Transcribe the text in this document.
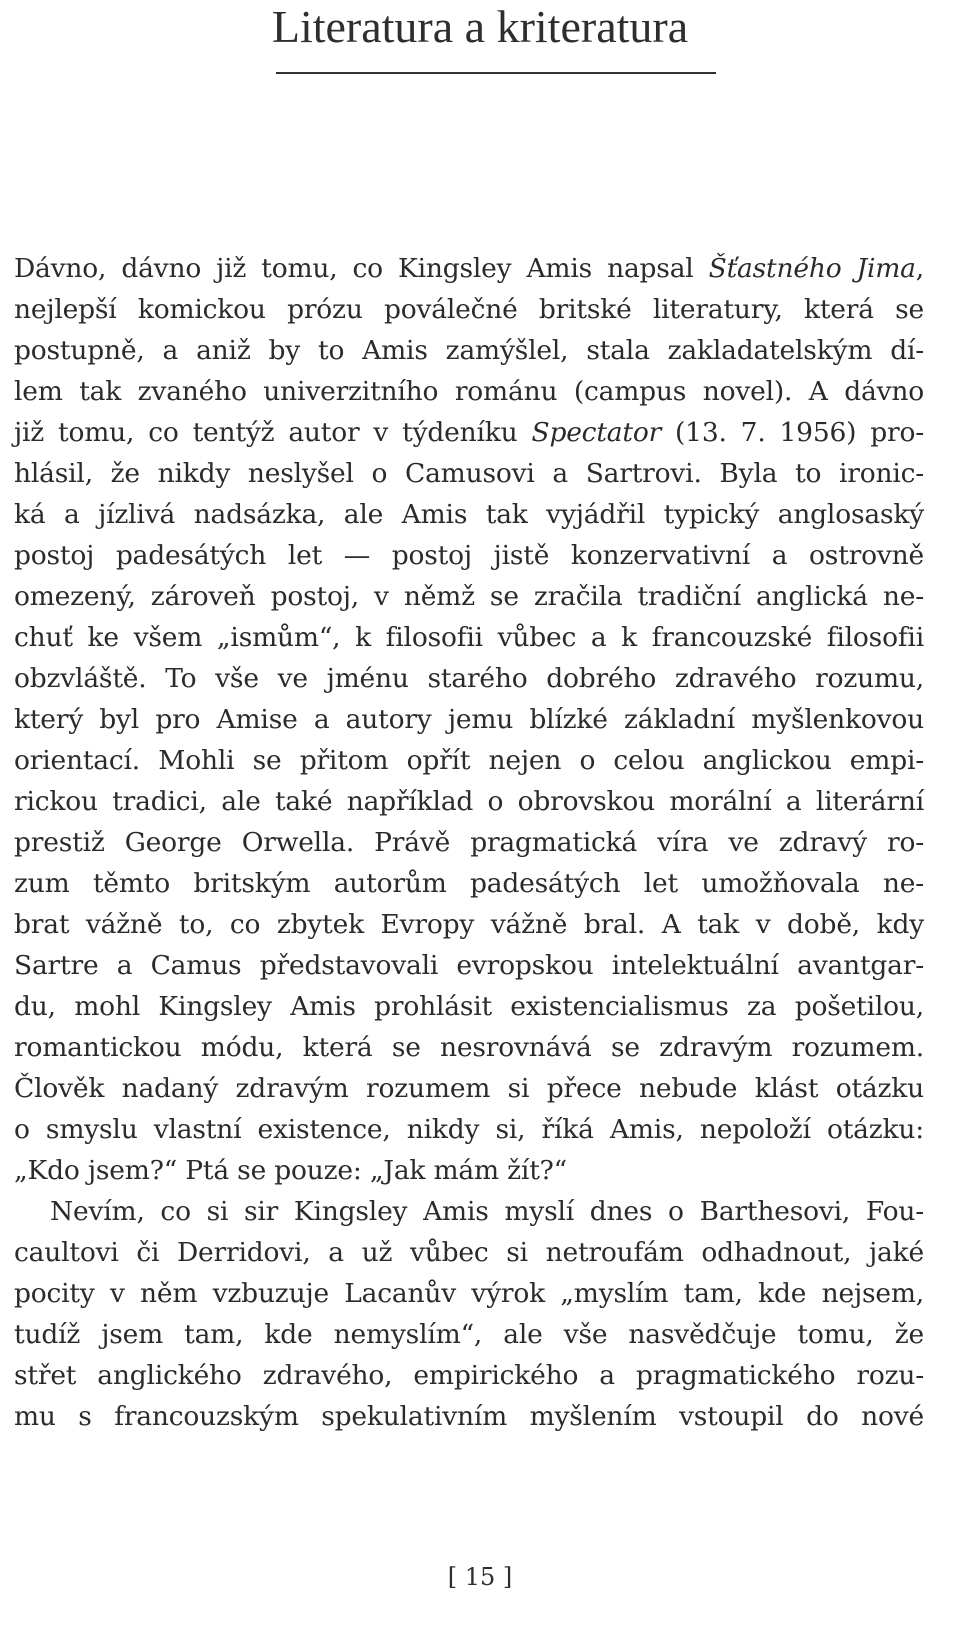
Literatura a kriteratura
Dávno, dávno již tomu, co Kingsley Amis napsal Šťastného Jima,
nejlepší komickou prózu poválečné britské literatury, která se
postupně, a aniž by to Amis zamýšlel, stala zakladatelským dí-
lem tak zvaného univerzitního románu (campus novel). A dávno
již tomu, co tentýž autor v týdeníku Spectator (13. 7. 1956) pro-
hlásil, že nikdy neslyšel o Camusovi a Sartrovi. Byla to ironic-
ká a jízlivá nadsázka, ale Amis tak vyjádřil typický anglosaský
postoj padesátých let — postoj jistě konzervativní a ostrovně
omezený, zároveň postoj, v němž se zračila tradiční anglická ne-
chuť ke všem „ismům“, k filosofii vůbec a k francouzské filosofii
obzvláště. To vše ve jménu starého dobrého zdravého rozumu,
který byl pro Amise a autory jemu blízké základní myšlenkovou
orientací. Mohli se přitom opřít nejen o celou anglickou empi-
rickou tradici, ale také například o obrovskou morální a literární
prestiž George Orwella. Právě pragmatická víra ve zdravý ro-
zum těmto britským autorům padesátých let umožňovala ne-
brat vážně to, co zbytek Evropy vážně bral. A tak v době, kdy
Sartre a Camus představovali evropskou intelektuální avantgar-
du, mohl Kingsley Amis prohlásit existencialismus za pošetilou,
romantickou módu, která se nesrovnává se zdravým rozumem.
Člověk nadaný zdravým rozumem si přece nebude klást otázku
o smyslu vlastní existence, nikdy si, říká Amis, nepoloží otázku:
„Kdo jsem?“ Ptá se pouze: „Jak mám žít?“
Nevím, co si sir Kingsley Amis myslí dnes o Barthesovi, Fou-
caultovi či Derridovi, a už vůbec si netroufám odhadnout, jaké
pocity v něm vzbuzuje Lacanův výrok „myslím tam, kde nejsem,
tudíž jsem tam, kde nemyslím“, ale vše nasvědčuje tomu, že
střet anglického zdravého, empirického a pragmatického rozu-
mu s francouzským spekulativním myšlením vstoupil do nové
[ 15 ]
